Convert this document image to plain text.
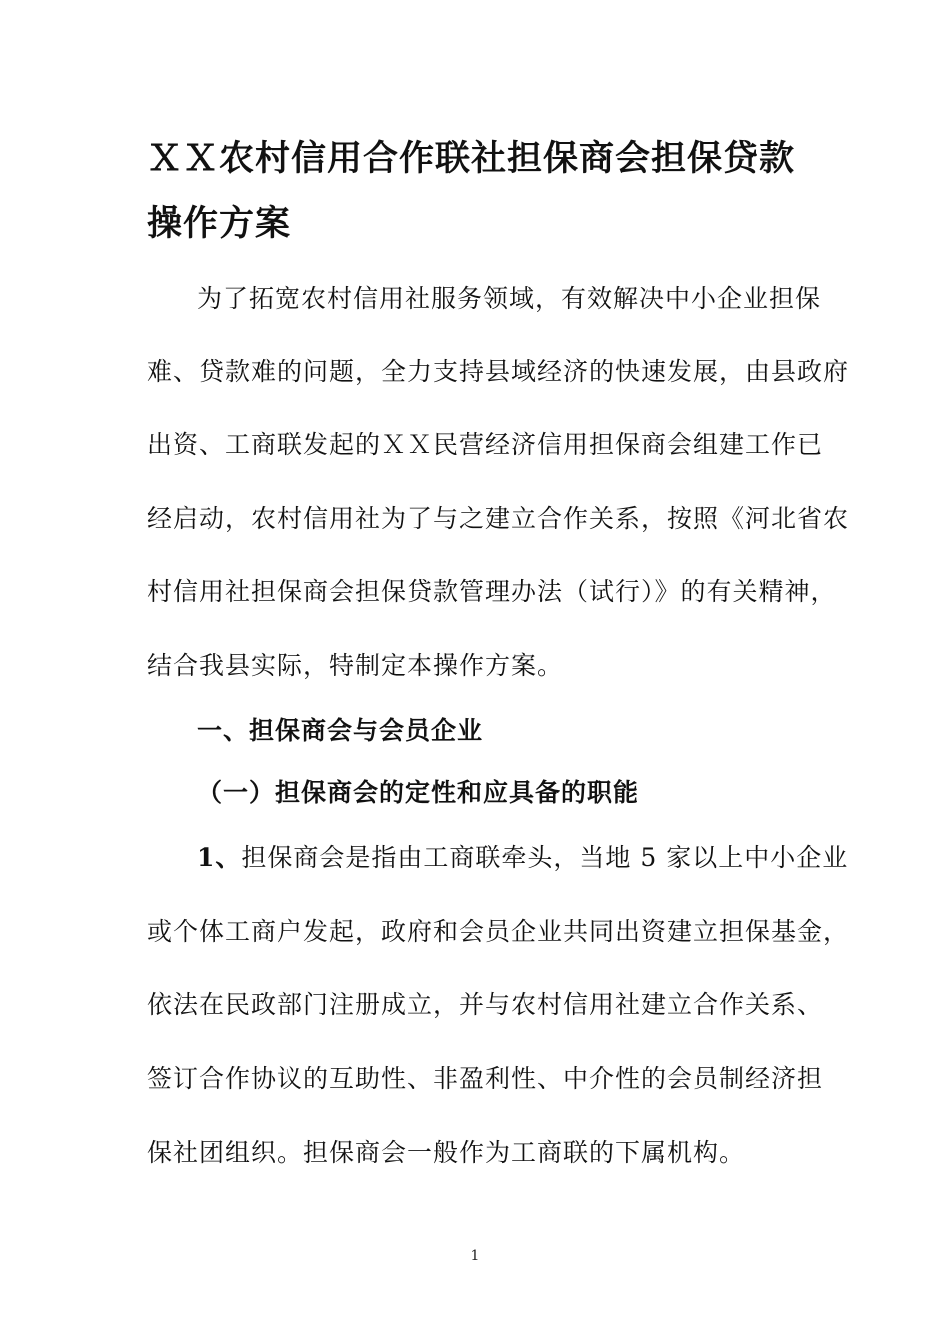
ＸＸ农村信用合作联社担保商会担保贷款
操作方案
为了拓宽农村信用社服务领域，有效解决中小企业担保
难、贷款难的问题，全力支持县域经济的快速发展，由县政府
出资、工商联发起的ＸＸ民营经济信用担保商会组建工作已
经启动，农村信用社为了与之建立合作关系，按照《河北省农
村信用社担保商会担保贷款管理办法（试行）》的有关精神，
结合我县实际，特制定本操作方案。
一、担保商会与会员企业
（一）担保商会的定性和应具备的职能
1、担保商会是指由工商联牵头，当地 5 家以上中小企业
或个体工商户发起，政府和会员企业共同出资建立担保基金，
依法在民政部门注册成立，并与农村信用社建立合作关系、
签订合作协议的互助性、非盈利性、中介性的会员制经济担
保社团组织。担保商会一般作为工商联的下属机构。
1
